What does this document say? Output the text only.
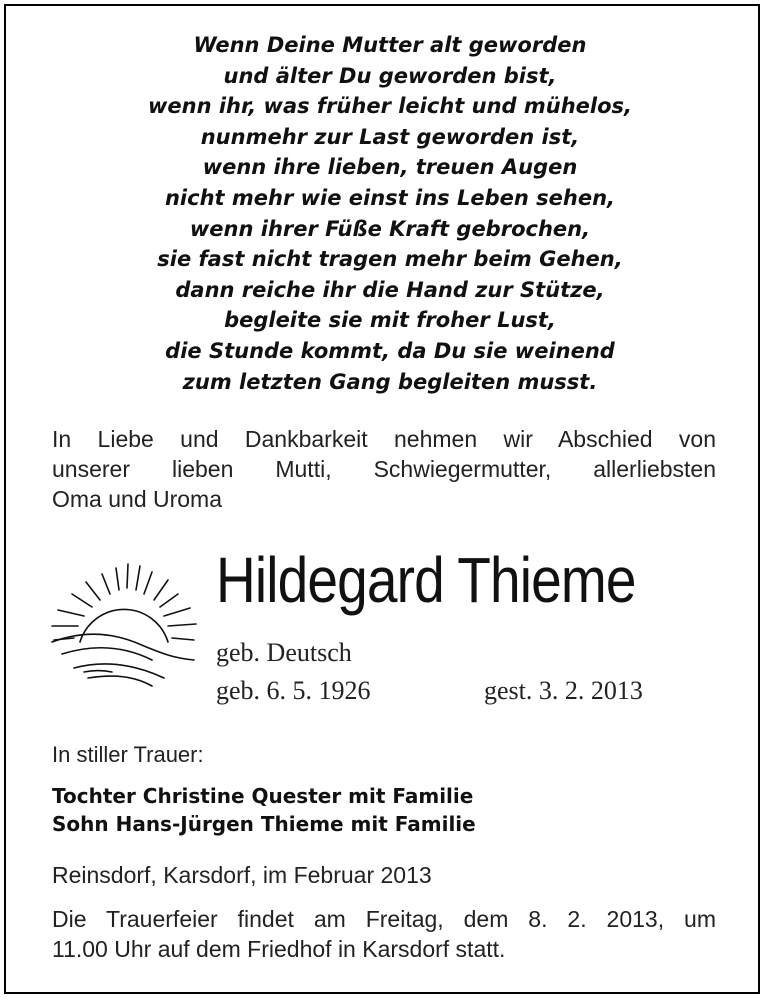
Wenn Deine Mutter alt geworden
und älter Du geworden bist,
wenn ihr, was früher leicht und mühelos,
nunmehr zur Last geworden ist,
wenn ihre lieben, treuen Augen
nicht mehr wie einst ins Leben sehen,
wenn ihrer Füße Kraft gebrochen,
sie fast nicht tragen mehr beim Gehen,
dann reiche ihr die Hand zur Stütze,
begleite sie mit froher Lust,
die Stunde kommt, da Du sie weinend
zum letzten Gang begleiten musst.
In Liebe und Dankbarkeit nehmen wir Abschied von
unserer lieben Mutti, Schwiegermutter, allerliebsten
Oma und Uroma
Hildegard Thieme
geb. Deutsch
geb. 6. 5. 1926	gest. 3. 2. 2013
In stiller Trauer:
Tochter Christine Quester mit Familie
Sohn Hans-Jürgen Thieme mit Familie
Reinsdorf, Karsdorf, im Februar 2013
Die Trauerfeier findet am Freitag, dem 8. 2. 2013, um
11.00 Uhr auf dem Friedhof in Karsdorf statt.
